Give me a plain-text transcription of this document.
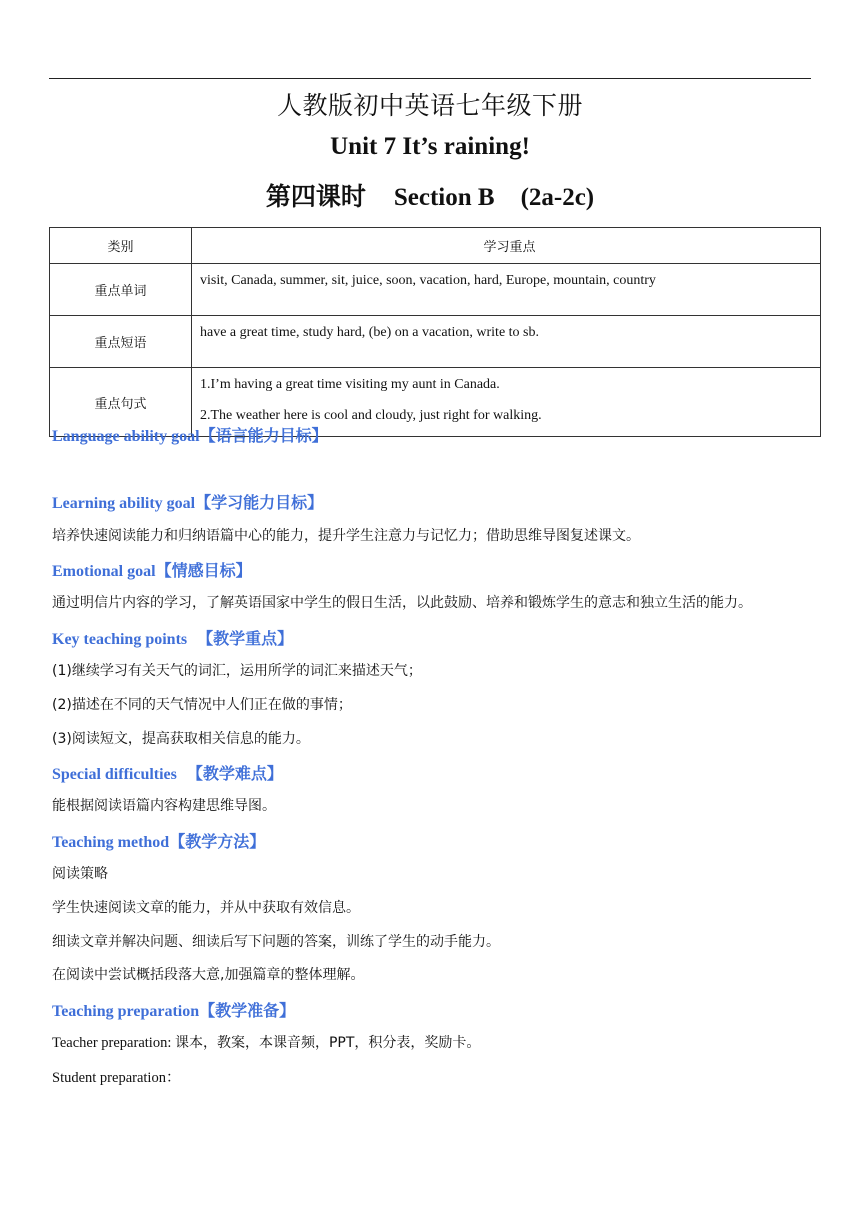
人教版初中英语七年级下册
Unit 7 It’s raining!
第四课时 Section B (2a-2c)
类别	学习重点
重点单词	visit, Canada, summer, sit, juice, soon, vacation, hard, Europe, mountain, country
重点短语	have a great time, study hard, (be) on a vacation, write to sb.
重点句式	1.I’m having a great time visiting my aunt in Canada.
2.The weather here is cool and cloudy, just right for walking.
Language ability goal【语言能力目标】
Learning ability goal【学习能力目标】
培养快速阅读能力和归纳语篇中心的能力，提升学生注意力与记忆力；借助思维导图复述课文。
Emotional goal【情感目标】
通过明信片内容的学习，了解英语国家中学生的假日生活，以此鼓励、培养和锻炼学生的意志和独立生活的能力。
Key teaching points 【教学重点】
(1)继续学习有关天气的词汇，运用所学的词汇来描述天气；
(2)描述在不同的天气情况中人们正在做的事情；
(3)阅读短文，提高获取相关信息的能力。
Special difficulties 【教学难点】
能根据阅读语篇内容构建思维导图。
Teaching method【教学方法】
阅读策略
学生快速阅读文章的能力，并从中获取有效信息。
细读文章并解决问题、细读后写下问题的答案，训练了学生的动手能力。
在阅读中尝试概括段落大意,加强篇章的整体理解。
Teaching preparation【教学准备】
Teacher preparation: 课本，教案，本课音频，PPT，积分表，奖励卡。
Student preparation：
